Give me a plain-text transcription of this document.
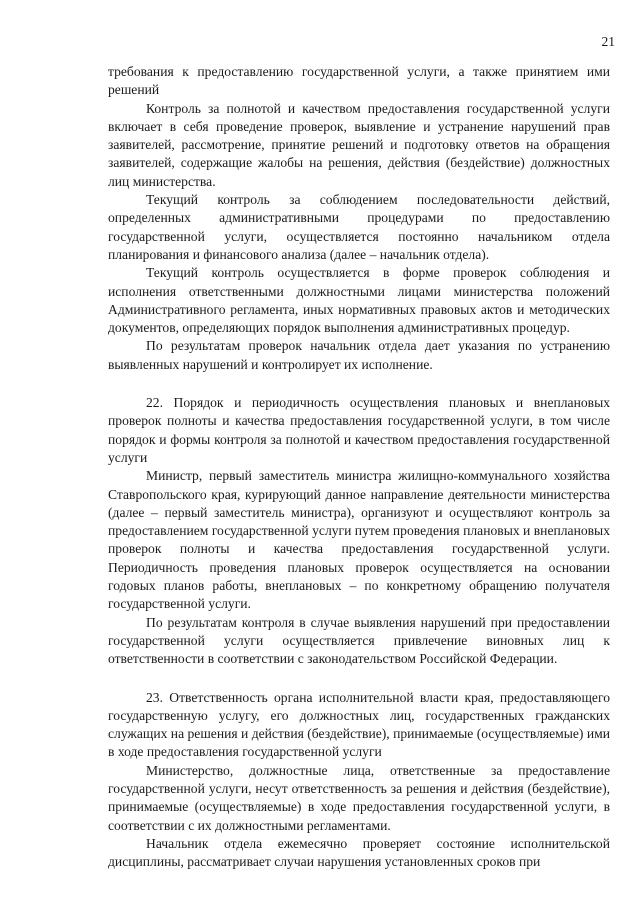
21

требования к предоставлению государственной услуги, а также принятием ими решений

Контроль за полнотой и качеством предоставления государственной услуги включает в себя проведение проверок, выявление и устранение нарушений прав заявителей, рассмотрение, принятие решений и подготовку ответов на обращения заявителей, содержащие жалобы на решения, действия (бездействие) должностных лиц министерства.

Текущий контроль за соблюдением последовательности действий, определенных административными процедурами по предоставлению государственной услуги, осуществляется постоянно начальником отдела планирования и финансового анализа (далее – начальник отдела).

Текущий контроль осуществляется в форме проверок соблюдения и исполнения ответственными должностными лицами министерства положений Административного регламента, иных нормативных правовых актов и методических документов, определяющих порядок выполнения административных процедур.

По результатам проверок начальник отдела дает указания по устранению выявленных нарушений и контролирует их исполнение.

22. Порядок и периодичность осуществления плановых и внеплановых проверок полноты и качества предоставления государственной услуги, в том числе порядок и формы контроля за полнотой и качеством предоставления государственной услуги

Министр, первый заместитель министра жилищно-коммунального хозяйства Ставропольского края, курирующий данное направление деятельности министерства (далее – первый заместитель министра), организуют и осуществляют контроль за предоставлением государственной услуги путем проведения плановых и внеплановых проверок полноты и качества предоставления государственной услуги. Периодичность проведения плановых проверок осуществляется на основании годовых планов работы, внеплановых – по конкретному обращению получателя государственной услуги.

По результатам контроля в случае выявления нарушений при предоставлении государственной услуги осуществляется привлечение виновных лиц к ответственности в соответствии с законодательством Российской Федерации.

23. Ответственность органа исполнительной власти края, предоставляющего государственную услугу, его должностных лиц, государственных гражданских служащих на решения и действия (бездействие), принимаемые (осуществляемые) ими в ходе предоставления государственной услуги

Министерство, должностные лица, ответственные за предоставление государственной услуги, несут ответственность за решения и действия (бездействие), принимаемые (осуществляемые) в ходе предоставления государственной услуги, в соответствии с их должностными регламентами.

Начальник отдела ежемесячно проверяет состояние исполнительской дисциплины, рассматривает случаи нарушения установленных сроков при
